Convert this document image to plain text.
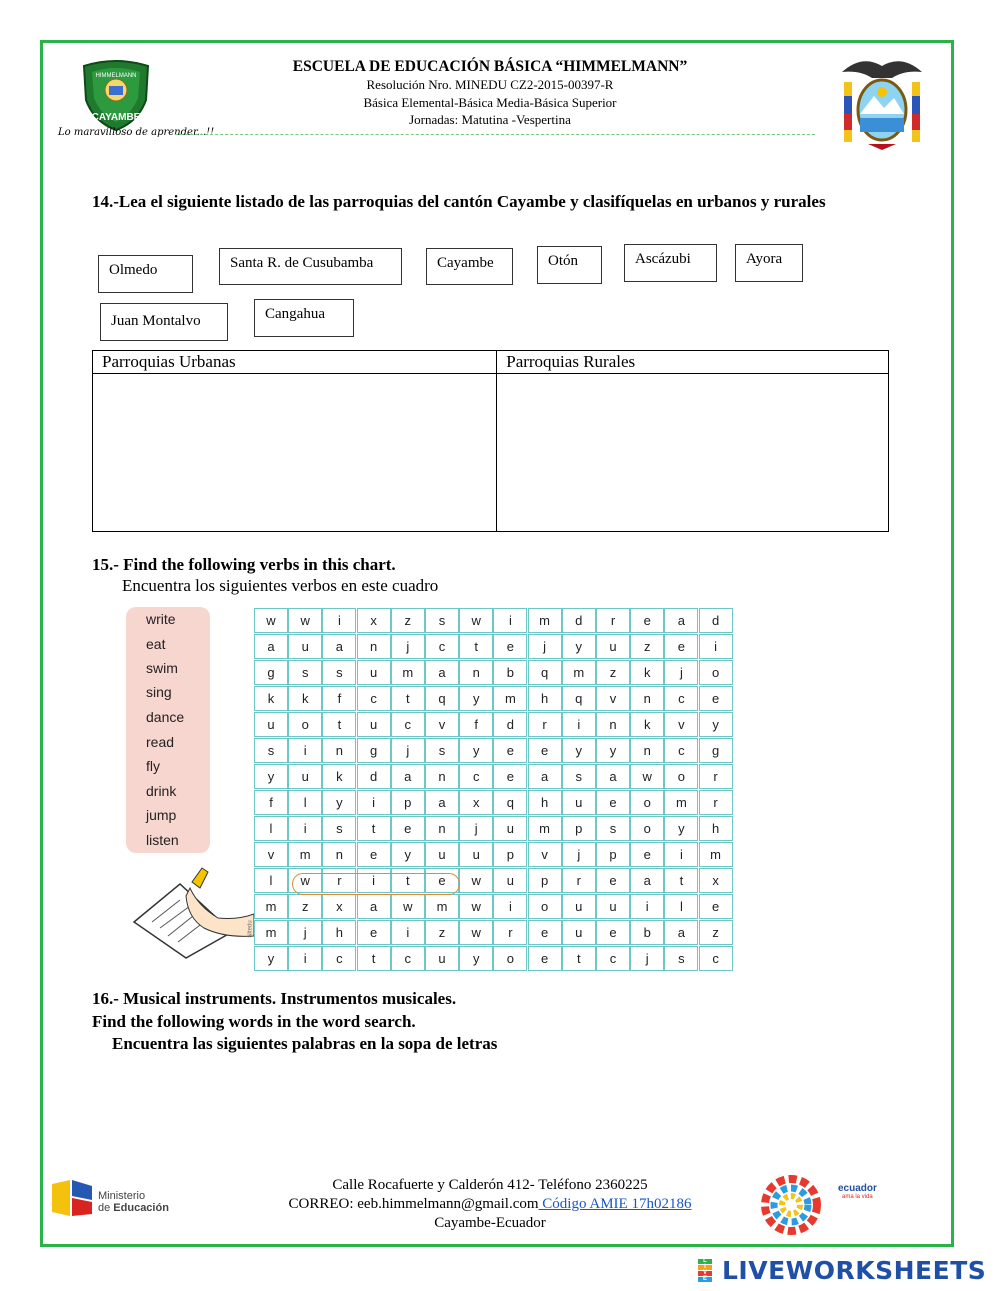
CAYAMBE
HIMMELMANN
Lo maravilloso de aprender...!!
ESCUELA DE EDUCACIÓN BÁSICA “HIMMELMANN”
Resolución Nro. MINEDU CZ2-2015-00397-R
Básica Elemental-Básica Media-Básica Superior
Jornadas: Matutina -Vespertina
14.-Lea el siguiente listado de las parroquias del cantón Cayambe y clasifíquelas en urbanos y rurales
Olmedo	Santa R. de Cusubamba	Cayambe	Otón	Ascázubi	Ayora
Juan Montalvo	Cangahua
Parroquias Urbanas	Parroquias Rurales

15.- Find the following verbs in this chart.
Encuentra los siguientes verbos en este cuadro
write
eat
swim
sing
dance
read
fly
drink
jump
listen
Nitedu
w	w	i	x	z	s	w	i	m	d	r	e	a	d
a	u	a	n	j	c	t	e	j	y	u	z	e	i
g	s	s	u	m	a	n	b	q	m	z	k	j	o
k	k	f	c	t	q	y	m	h	q	v	n	c	e
u	o	t	u	c	v	f	d	r	i	n	k	v	y
s	i	n	g	j	s	y	e	e	y	y	n	c	g
y	u	k	d	a	n	c	e	a	s	a	w	o	r
f	l	y	i	p	a	x	q	h	u	e	o	m	r
l	i	s	t	e	n	j	u	m	p	s	o	y	h
v	m	n	e	y	u	u	p	v	j	p	e	i	m
l	w	r	i	t	e	w	u	p	r	e	a	t	x
m	z	x	a	w	m	w	i	o	u	u	i	l	e
m	j	h	e	i	z	w	r	e	u	e	b	a	z
y	i	c	t	c	u	y	o	e	t	c	j	s	c
16.- Musical instruments. Instrumentos musicales.
Find the following words in the word search.
Encuentra las siguientes palabras en la sopa de letras
Ministerio
de Educación
Calle Rocafuerte y Calderón 412- Teléfono 2360225
CORREO: eeb.himmelmann@gmail.com Código AMIE 17h02186
Cayambe-Ecuador
ecuador
ama la vida
L
I
V
E LIVEWORKSHEETS
